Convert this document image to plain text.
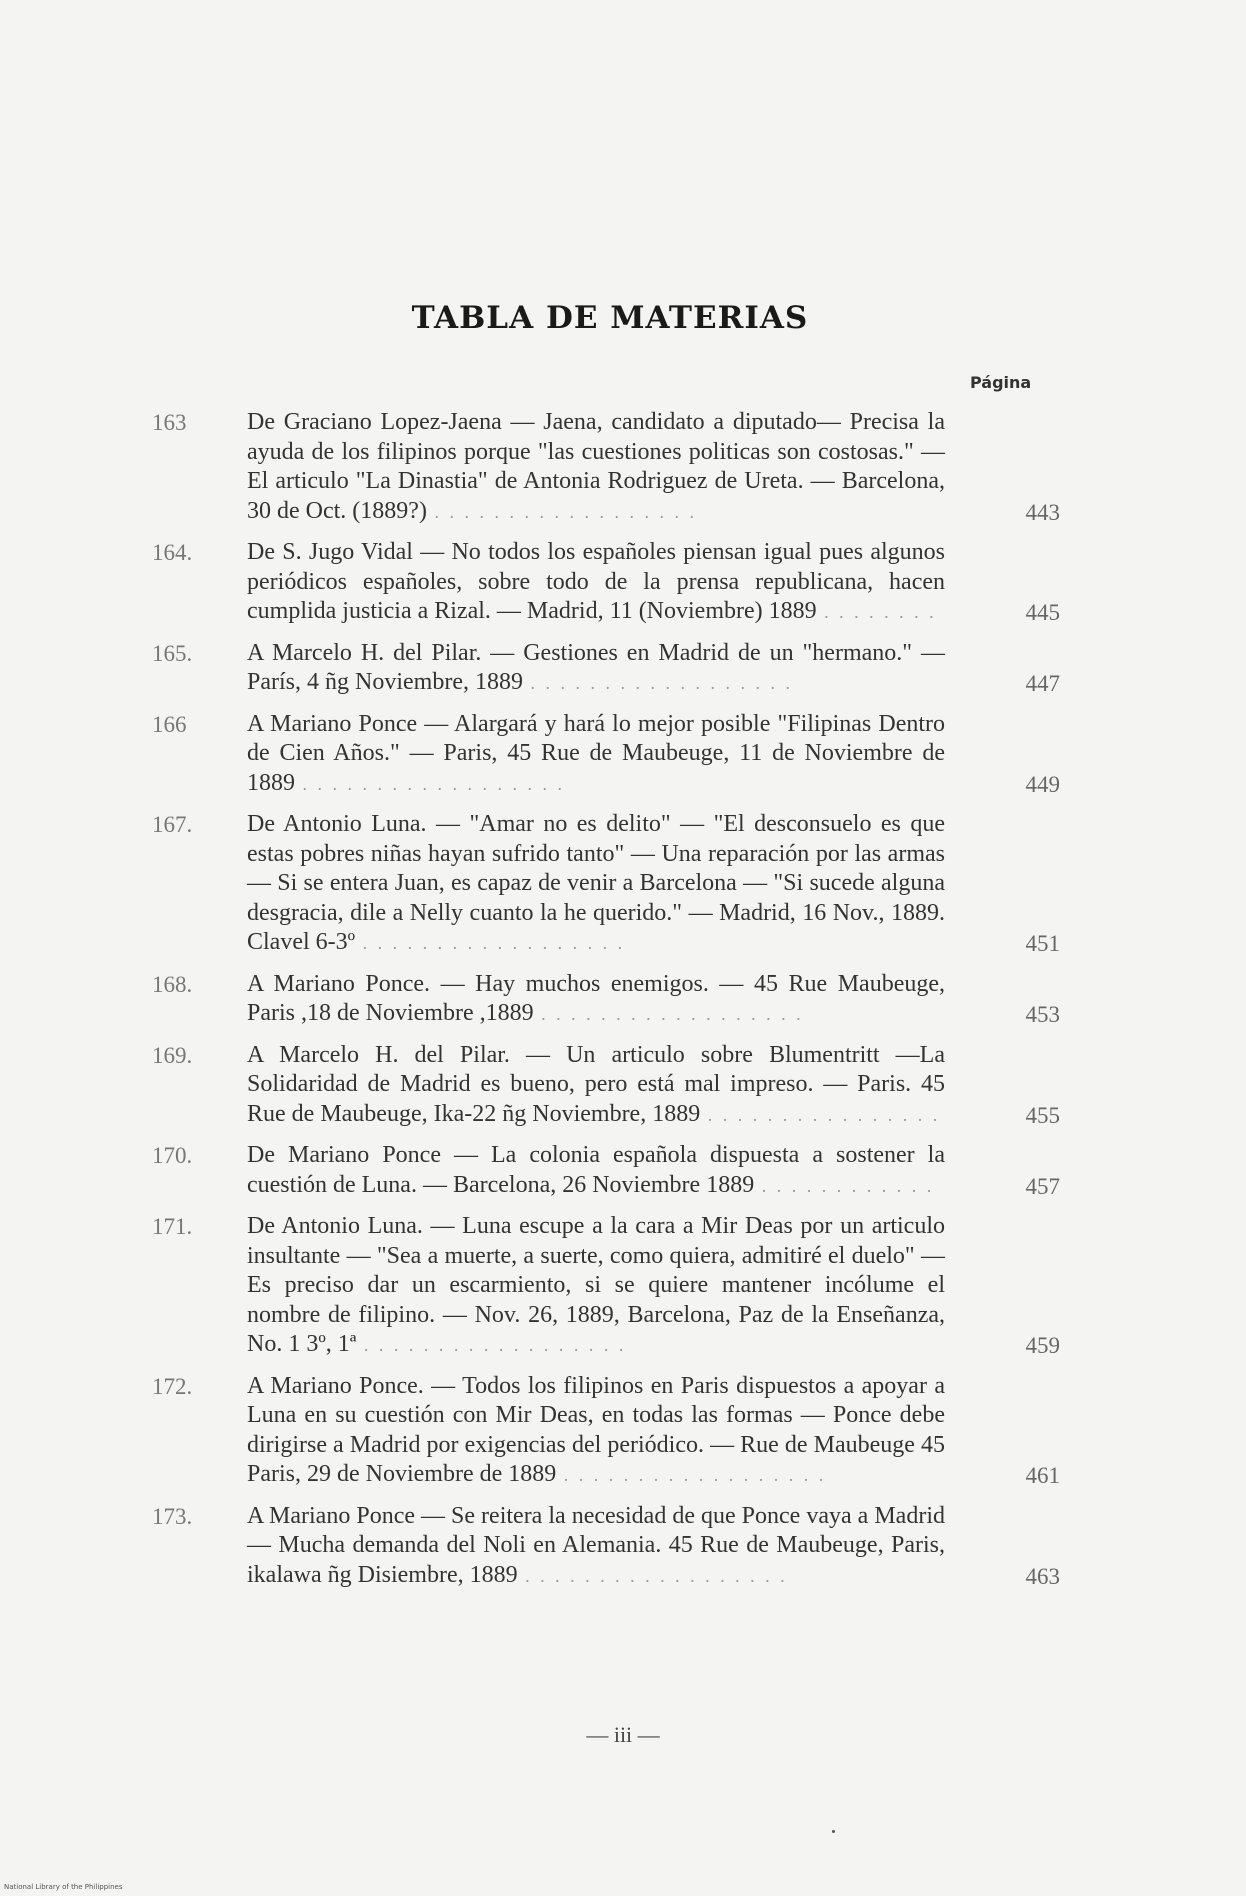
TABLA DE MATERIAS
Página
163	De Graciano Lopez-Jaena — Jaena, candidato a diputado— Precisa la ayuda de los filipinos porque "las cuestiones politicas son costosas." — El articulo "La Dinastia" de Antonia Rodriguez de Ureta. — Barcelona, 30 de Oct. (1889?) . . . . . . . . . . . . . . . . . .	443
164.	De S. Jugo Vidal — No todos los españoles piensan igual pues algunos periódicos españoles, sobre todo de la prensa republicana, hacen cumplida justicia a Rizal. — Madrid, 11 (Noviembre) 1889 . . . . . . . .	445
165.	A Marcelo H. del Pilar. — Gestiones en Madrid de un "hermano." — París, 4 ñg Noviembre, 1889 . . . . . . . . . . . . . . . . . .	447
166	A Mariano Ponce — Alargará y hará lo mejor posible "Filipinas Dentro de Cien Años." — Paris, 45 Rue de Maubeuge, 11 de Noviembre de 1889 . . . . . . . . . . . . . . . . . .	449
167.	De Antonio Luna. — "Amar no es delito" — "El desconsuelo es que estas pobres niñas hayan sufrido tanto" — Una reparación por las armas — Si se entera Juan, es capaz de venir a Barcelona — "Si sucede alguna desgracia, dile a Nelly cuanto la he querido." — Madrid, 16 Nov., 1889. Clavel 6-3º . . . . . . . . . . . . . . . . . .	451
168.	A Mariano Ponce. — Hay muchos enemigos. — 45 Rue Maubeuge, Paris ,18 de Noviembre ,1889 . . . . . . . . . . . . . . . . . .	453
169.	A Marcelo H. del Pilar. — Un articulo sobre Blumentritt —La Solidaridad de Madrid es bueno, pero está mal impreso. — Paris. 45 Rue de Maubeuge, Ika-22 ñg Noviembre, 1889 . . . . . . . . . . . . . . . .	455
170.	De Mariano Ponce — La colonia española dispuesta a sostener la cuestión de Luna. — Barcelona, 26 Noviembre 1889 . . . . . . . . . . . .	457
171.	De Antonio Luna. — Luna escupe a la cara a Mir Deas por un articulo insultante — "Sea a muerte, a suerte, como quiera, admitiré el duelo" — Es preciso dar un escarmiento, si se quiere mantener incólume el nombre de filipino. — Nov. 26, 1889, Barcelona, Paz de la Enseñanza, No. 1 3º, 1ª . . . . . . . . . . . . . . . . . .	459
172.	A Mariano Ponce. — Todos los filipinos en Paris dispuestos a apoyar a Luna en su cuestión con Mir Deas, en todas las formas — Ponce debe dirigirse a Madrid por exigencias del periódico. — Rue de Maubeuge 45 Paris, 29 de Noviembre de 1889 . . . . . . . . . . . . . . . . . .	461
173.	A Mariano Ponce — Se reitera la necesidad de que Ponce vaya a Madrid — Mucha demanda del Noli en Alemania. 45 Rue de Maubeuge, Paris, ikalawa ñg Disiembre, 1889 . . . . . . . . . . . . . . . . . .	463
— iii —
National Library of the Philippines
